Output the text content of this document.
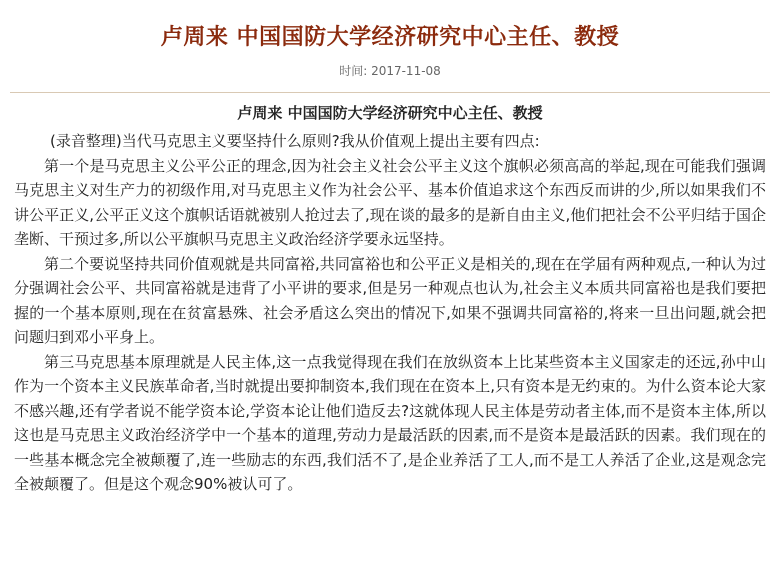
卢周来 中国国防大学经济研究中心主任、教授
时间: 2017-11-08
卢周来 中国国防大学经济研究中心主任、教授

(录音整理)当代马克思主义要坚持什么原则?我从价值观上提出主要有四点:

第一个是马克思主义公平公正的理念,因为社会主义社会公平主义这个旗帜必须高高的举起,现在可能我们强调马克思主义对生产力的初级作用,对马克思主义作为社会公平、基本价值追求这个东西反而讲的少,所以如果我们不讲公平正义,公平正义这个旗帜话语就被别人抢过去了,现在谈的最多的是新自由主义,他们把社会不公平归结于国企垄断、干预过多,所以公平旗帜马克思主义政治经济学要永远坚持。

第二个要说坚持共同价值观就是共同富裕,共同富裕也和公平正义是相关的,现在在学届有两种观点,一种认为过分强调社会公平、共同富裕就是违背了小平讲的要求,但是另一种观点也认为,社会主义本质共同富裕也是我们要把握的一个基本原则,现在在贫富悬殊、社会矛盾这么突出的情况下,如果不强调共同富裕的,将来一旦出问题,就会把问题归到邓小平身上。

第三马克思基本原理就是人民主体,这一点我觉得现在我们在放纵资本上比某些资本主义国家走的还远,孙中山作为一个资本主义民族革命者,当时就提出要抑制资本,我们现在在资本上,只有资本是无约束的。为什么资本论大家不感兴趣,还有学者说不能学资本论,学资本论让他们造反去?这就体现人民主体是劳动者主体,而不是资本主体,所以这也是马克思主义政治经济学中一个基本的道理,劳动力是最活跃的因素,而不是资本是最活跃的因素。我们现在的一些基本概念完全被颠覆了,连一些励志的东西,我们活不了,是企业养活了工人,而不是工人养活了企业,这是观念完全被颠覆了。但是这个观念90%被认可了。
